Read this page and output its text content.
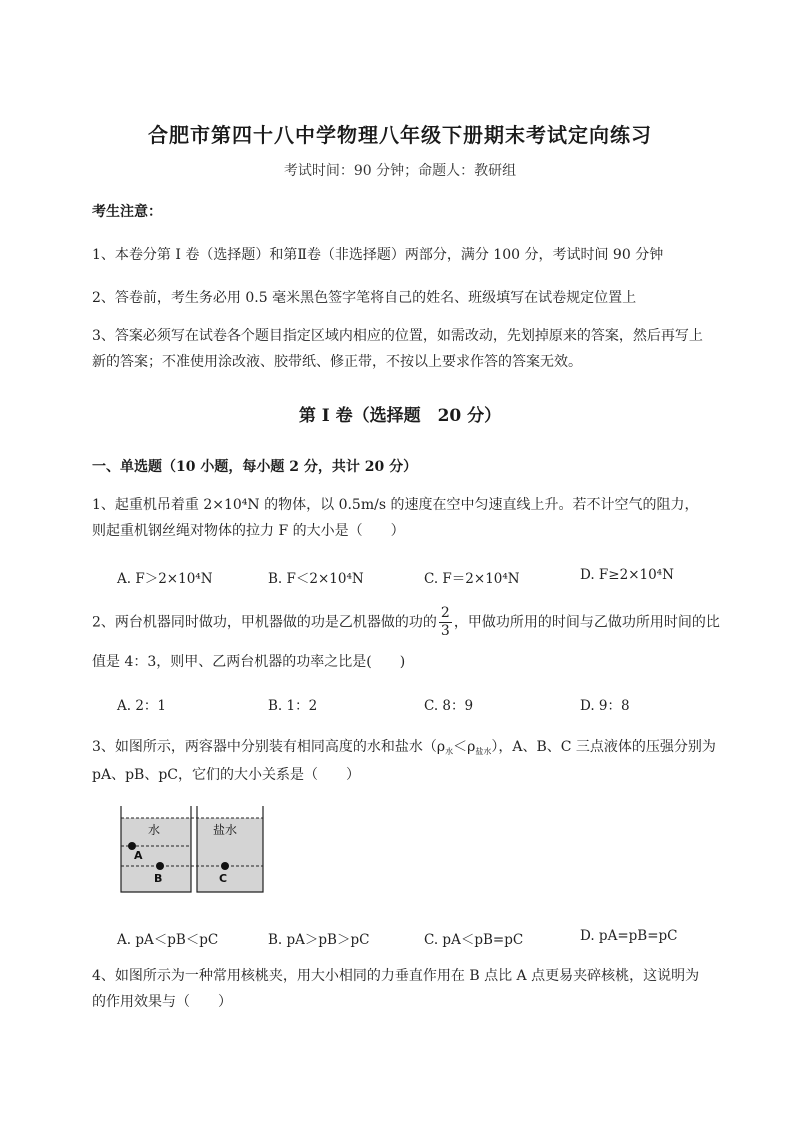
合肥市第四十八中学物理八年级下册期末考试定向练习
考试时间：90 分钟；命题人：教研组
考生注意：
1、本卷分第 I 卷（选择题）和第Ⅱ卷（非选择题）两部分，满分 100 分，考试时间 90 分钟
2、答卷前，考生务必用 0.5 毫米黑色签字笔将自己的姓名、班级填写在试卷规定位置上
3、答案必须写在试卷各个题目指定区域内相应的位置，如需改动，先划掉原来的答案，然后再写上新的答案；不准使用涂改液、胶带纸、修正带，不按以上要求作答的答案无效。
第 I 卷（选择题　20 分）
一、单选题（10 小题，每小题 2 分，共计 20 分）
1、起重机吊着重 2×10⁴N 的物体，以 0.5m/s 的速度在空中匀速直线上升。若不计空气的阻力，则起重机钢丝绳对物体的拉力 F 的大小是（　　）
A. F＞2×10⁴N	B. F＜2×10⁴N	C. F＝2×10⁴N	D. F≥2×10⁴N
2、两台机器同时做功，甲机器做的功是乙机器做的功的 $\frac{2}{3}$ ，甲做功所用的时间与乙做功所用时间的比
值是 4：3，则甲、乙两台机器的功率之比是(　　)
A. 2：1	B. 1：2	C. 8：9	D. 9：8
3、如图所示，两容器中分别装有相同高度的水和盐水$(\rho_水<\rho_{盐水})$，A、B、C 三点液体的压强分别为
pA、pB、pC，它们的大小关系是（　　）
水	盐水
A
B	C
A. pA＜pB＜pC	B. pA＞pB＞pC	C. pA＜pB=pC	D. pA=pB=pC
4、如图所示为一种常用核桃夹，用大小相同的力垂直作用在 B 点比 A 点更易夹碎核桃，这说明为的作用效果与（　　）
